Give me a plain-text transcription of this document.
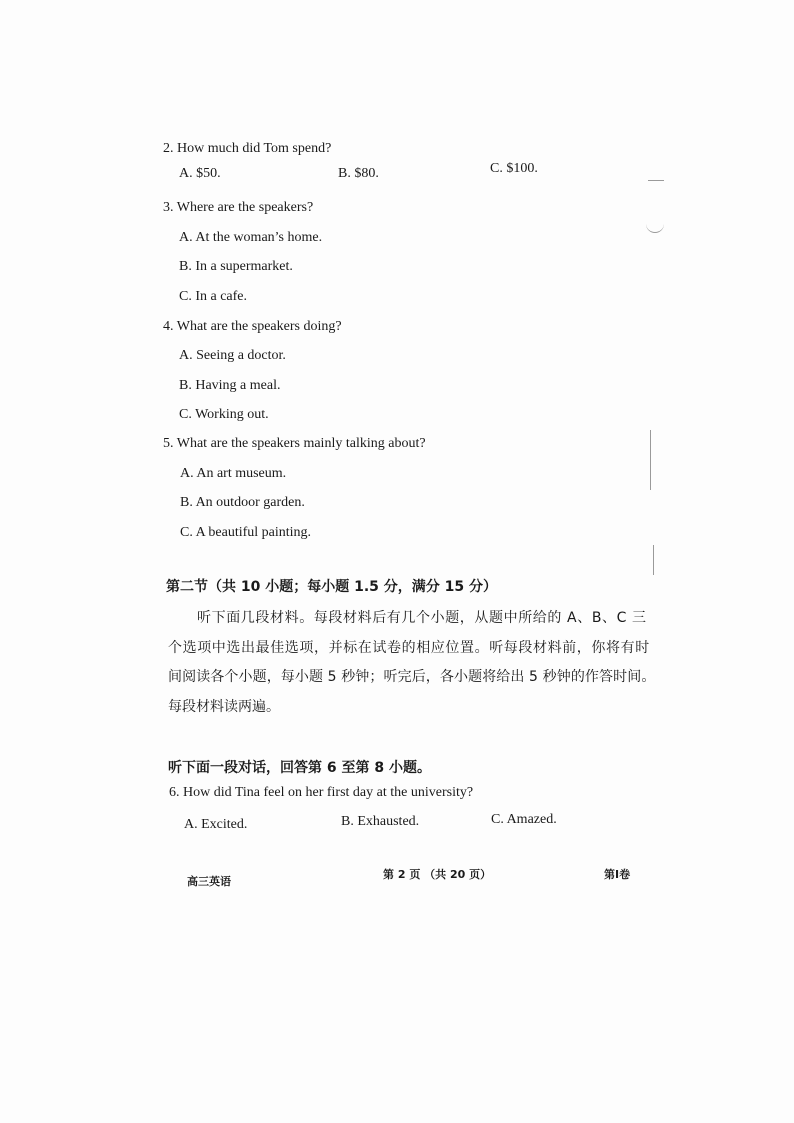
2. How much did Tom spend?
A. $50.	B. $80.	C. $100.
3. Where are the speakers?
A. At the woman’s home.
B. In a supermarket.
C. In a cafe.
4. What are the speakers doing?
A. Seeing a doctor.
B. Having a meal.
C. Working out.
5. What are the speakers mainly talking about?
A. An art museum.
B. An outdoor garden.
C. A beautiful painting.
第二节（共 10 小题；每小题 1.5 分，满分 15 分）
听下面几段材料。每段材料后有几个小题，从题中所给的 A、B、C 三
个选项中选出最佳选项，并标在试卷的相应位置。听每段材料前，你将有时
间阅读各个小题，每小题 5 秒钟；听完后，各小题将给出 5 秒钟的作答时间。
每段材料读两遍。
听下面一段对话，回答第 6 至第 8 小题。
6. How did Tina feel on her first day at the university?
A. Excited.	B. Exhausted.	C. Amazed.
高三英语
第 2 页 （共 20 页）	第I卷
